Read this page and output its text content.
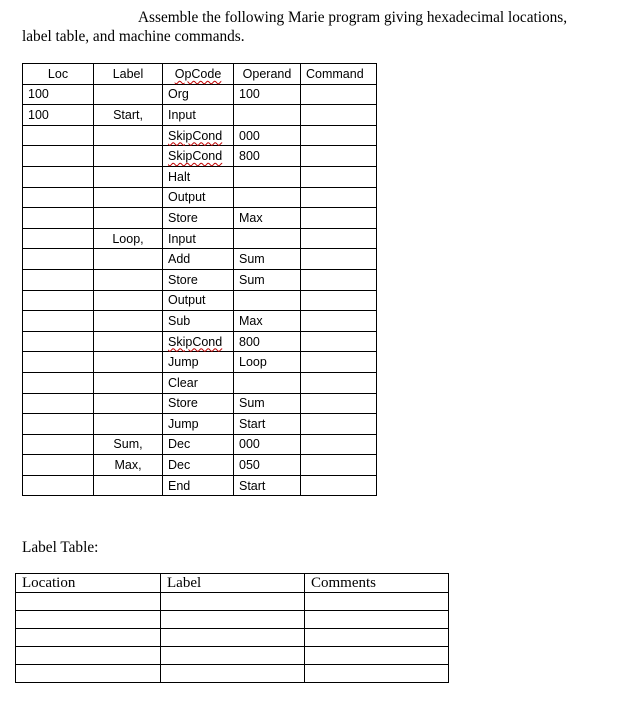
Assemble the following Marie program giving hexadecimal locations,
label table, and machine commands.
Loc	Label	OpCode	Operand	Command
100		Org	100	
100	Start,	Input		
		SkipCond	000	
		SkipCond	800	
		Halt		
		Output		
		Store	Max	
	Loop,	Input		
		Add	Sum	
		Store	Sum	
		Output		
		Sub	Max	
		SkipCond	800	
		Jump	Loop	
		Clear		
		Store	Sum	
		Jump	Start	
	Sum,	Dec	000	
	Max,	Dec	050	
		End	Start	
Label Table:
Location	Label	Comments
